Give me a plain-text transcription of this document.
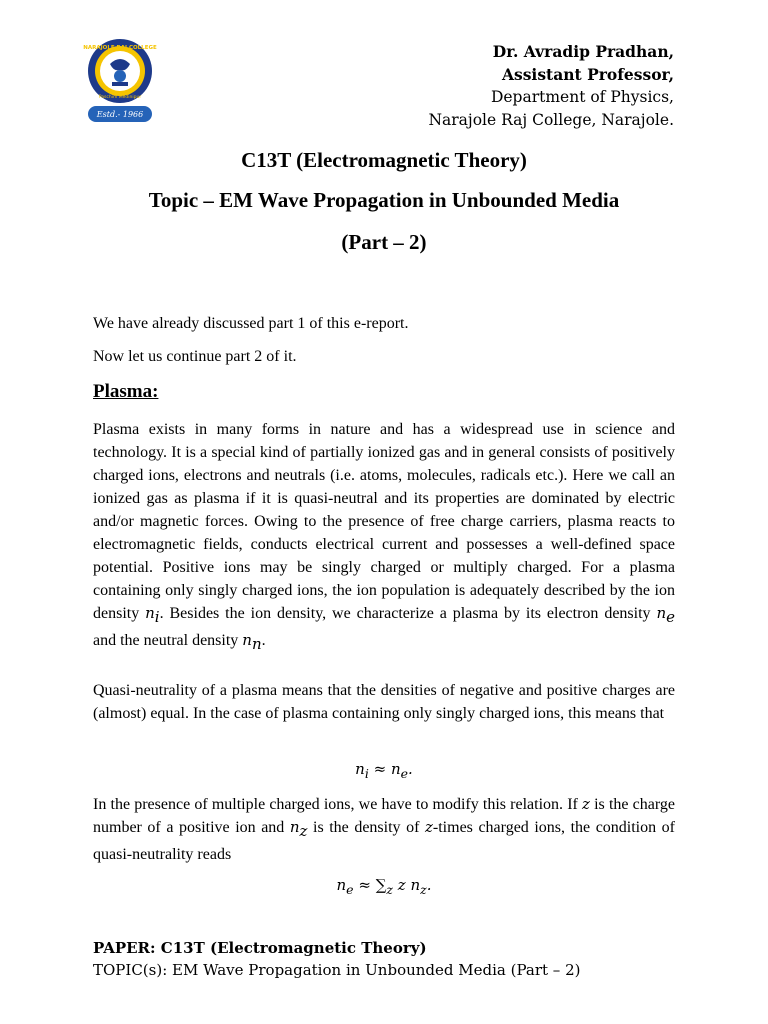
NARAJOLE RAJ COLLEGE
Paschim Medinipur
Estd.- 1966
Dr. Avradip Pradhan,
Assistant Professor,
Department of Physics,
Narajole Raj College, Narajole.
C13T (Electromagnetic Theory)
Topic – EM Wave Propagation in Unbounded Media
(Part – 2)
We have already discussed part 1 of this e-report.
Now let us continue part 2 of it.
Plasma:
Plasma exists in many forms in nature and has a widespread use in science and technology. It is a special kind of partially ionized gas and in general consists of positively charged ions, electrons and neutrals (i.e. atoms, molecules, radicals etc.). Here we call an ionized gas as plasma if it is quasi-neutral and its properties are dominated by electric and/or magnetic forces. Owing to the presence of free charge carriers, plasma reacts to electromagnetic fields, conducts electrical current and possesses a well-defined space potential. Positive ions may be singly charged or multiply charged. For a plasma containing only singly charged ions, the ion population is adequately described by the ion density $n_i$. Besides the ion density, we characterize a plasma by its electron density $n_e$ and the neutral density $n_n$.
Quasi-neutrality of a plasma means that the densities of negative and positive charges are (almost) equal. In the case of plasma containing only singly charged ions, this means that
$n_i \approx n_e$.
In the presence of multiple charged ions, we have to modify this relation. If z is the charge number of a positive ion and $n_z$ is the density of z-times charged ions, the condition of quasi-neutrality reads
$n_e \approx \sum_z$ z $n_z$.
PAPER: C13T (Electromagnetic Theory)
TOPIC(s): EM Wave Propagation in Unbounded Media (Part – 2)
